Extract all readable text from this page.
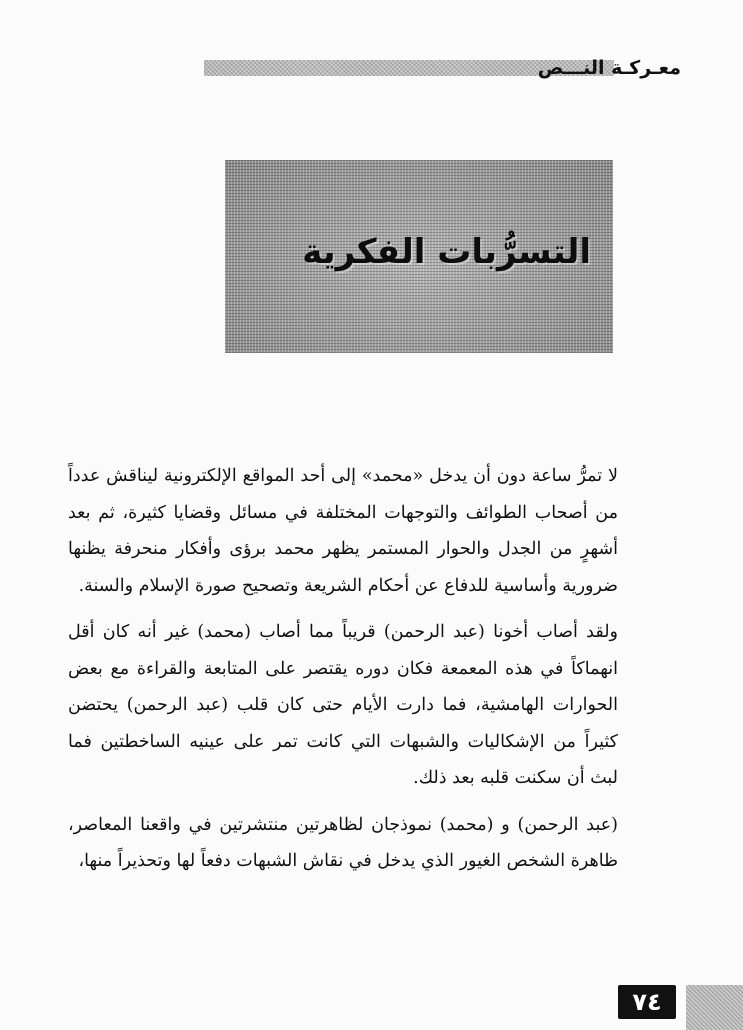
معـركـة النـــص
التسرُّبات الفكرية

لا تمرُّ ساعة دون أن يدخل «محمد» إلى أحد المواقع الإلكترونية ليناقش عدداً من أصحاب الطوائف والتوجهات المختلفة في مسائل وقضايا كثيرة، ثم بعد أشهرٍ من الجدل والحوار المستمر يظهر محمد برؤى وأفكار منحرفة يظنها ضرورية وأساسية للدفاع عن أحكام الشريعة وتصحيح صورة الإسلام والسنة.

ولقد أصاب أخونا (عبد الرحمن) قريباً مما أصاب (محمد) غير أنه كان أقل انهماكاً في هذه المعمعة فكان دوره يقتصر على المتابعة والقراءة مع بعض الحوارات الهامشية، فما دارت الأيام حتى كان قلب (عبد الرحمن) يحتضن كثيراً من الإشكاليات والشبهات التي كانت تمر على عينيه الساخطتين فما لبث أن سكنت قلبه بعد ذلك.

(عبد الرحمن) و (محمد) نموذجان لظاهرتين منتشرتين في واقعنا المعاصر، ظاهرة الشخص الغيور الذي يدخل في نقاش الشبهات دفعاً لها وتحذيراً منها،

٧٤
